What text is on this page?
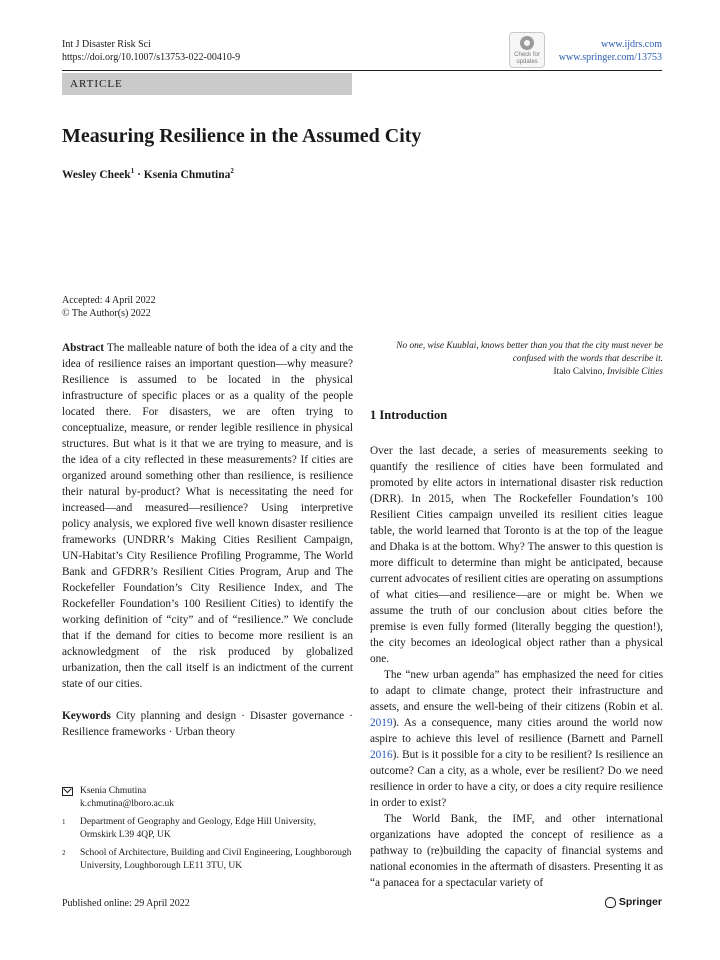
Int J Disaster Risk Sci
https://doi.org/10.1007/s13753-022-00410-9	Check for
updates
www.ijdrs.com
www.springer.com/13753
ARTICLE
Measuring Resilience in the Assumed City
Wesley Cheek$^1$ · Ksenia Chmutina$^2$
Accepted: 4 April 2022
© The Author(s) 2022

Abstract The malleable nature of both the idea of a city and the idea of resilience raises an important question—why measure? Resilience is assumed to be located in the physical infrastructure of specific places or as a quality of the people located there. For disasters, we are often trying to conceptualize, measure, or render legible resilience in physical structures. But what is it that we are trying to measure, and is the idea of a city reflected in these measurements? If cities are organized around something other than resilience, is resilience their natural by-product? What is necessitating the need for increased—and measured—resilience? Using interpretive policy analysis, we explored five well known disaster resilience frameworks (UNDRR’s Making Cities Resilient Campaign, UN-Habitat’s City Resilience Profiling Programme, The World Bank and GFDRR’s Resilient Cities Program, Arup and The Rockefeller Foundation’s City Resilience Index, and The Rockefeller Foundation’s 100 Resilient Cities) to identify the working definition of “city” and of “resilience.” We conclude that if the demand for cities to become more resilient is an acknowledgment of the risk produced by globalized urbanization, then the call itself is an indictment of the current state of our cities.

Keywords City planning and design · Disaster governance · Resilience frameworks · Urban theory

Ksenia Chmutina
k.chmutina@lboro.ac.uk
$^1$	Department of Geography and Geology, Edge Hill University, Ormskirk L39 4QP, UK
$^2$	School of Architecture, Building and Civil Engineering, Loughborough University, Loughborough LE11 3TU, UK
No one, wise Kuublai, knows better than you that the city must never be confused with the words that describe it.
Italo Calvino, Invisible Cities
1 Introduction

Over the last decade, a series of measurements seeking to quantify the resilience of cities have been formulated and promoted by elite actors in international disaster risk reduction (DRR). In 2015, when The Rockefeller Foundation’s 100 Resilient Cities campaign unveiled its resilient cities league table, the world learned that Toronto is at the top of the league and Dhaka is at the bottom. Why? The answer to this question is more difficult to determine than might be anticipated, because current advocates of resilient cities are operating on assumptions of what cities—and resilience—are or might be. When we assume the truth of our conclusion about cities before the premise is even fully formed (literally begging the question!), the city becomes an ideological object rather than a physical one.

The “new urban agenda” has emphasized the need for cities to adapt to climate change, protect their infrastructure and assets, and ensure the well-being of their citizens (Robin et al. 2019). As a consequence, many cities around the world now aspire to achieve this level of resilience (Barnett and Parnell 2016). But is it possible for a city to be resilient? Is resilience an outcome? Can a city, as a whole, ever be resilient? Do we need resilience in order to have a city, or does a city require resilience in order to exist?

The World Bank, the IMF, and other international organizations have adopted the concept of resilience as a pathway to (re)building the capacity of financial systems and national economies in the aftermath of disasters. Presenting it as “a panacea for a spectacular variety of

Published online: 29 April 2022	Springer
